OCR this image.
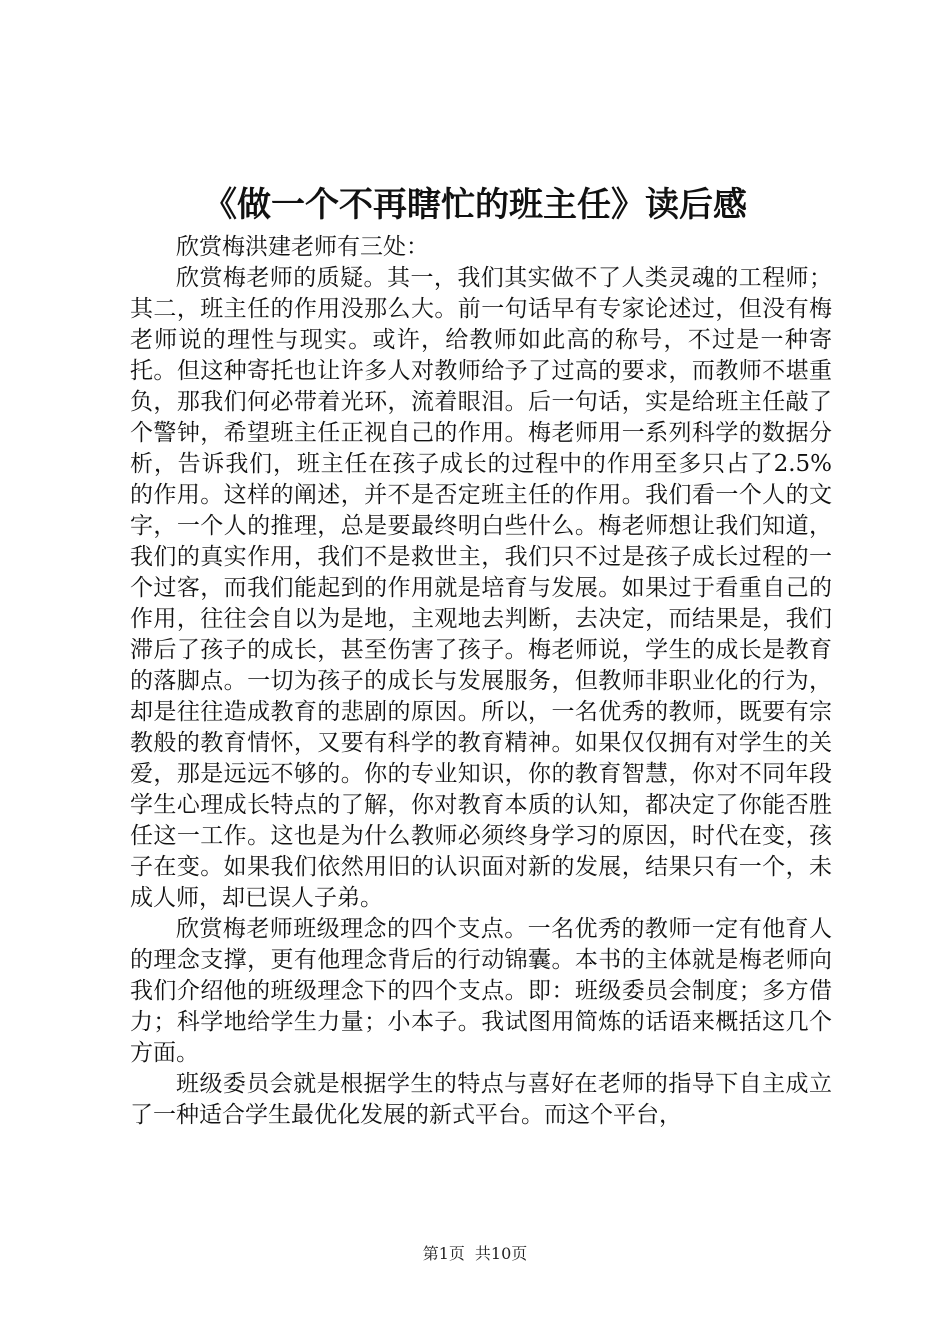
《做一个不再瞎忙的班主任》读后感

欣赏梅洪建老师有三处：

欣赏梅老师的质疑。其一，我们其实做不了人类灵魂的工程师；其二，班主任的作用没那么大。前一句话早有专家论述过，但没有梅老师说的理性与现实。或许，给教师如此高的称号，不过是一种寄托。但这种寄托也让许多人对教师给予了过高的要求，而教师不堪重负，那我们何必带着光环，流着眼泪。后一句话，实是给班主任敲了个警钟，希望班主任正视自己的作用。梅老师用一系列科学的数据分析，告诉我们，班主任在孩子成长的过程中的作用至多只占了2.5%的作用。这样的阐述，并不是否定班主任的作用。我们看一个人的文字，一个人的推理，总是要最终明白些什么。梅老师想让我们知道，我们的真实作用，我们不是救世主，我们只不过是孩子成长过程的一个过客，而我们能起到的作用就是培育与发展。如果过于看重自己的作用，往往会自以为是地，主观地去判断，去决定，而结果是，我们滞后了孩子的成长，甚至伤害了孩子。梅老师说，学生的成长是教育的落脚点。一切为孩子的成长与发展服务，但教师非职业化的行为，却是往往造成教育的悲剧的原因。所以，一名优秀的教师，既要有宗教般的教育情怀，又要有科学的教育精神。如果仅仅拥有对学生的关爱，那是远远不够的。你的专业知识，你的教育智慧，你对不同年段学生心理成长特点的了解，你对教育本质的认知，都决定了你能否胜任这一工作。这也是为什么教师必须终身学习的原因，时代在变，孩子在变。如果我们依然用旧的认识面对新的发展，结果只有一个，未成人师，却已误人子弟。

欣赏梅老师班级理念的四个支点。一名优秀的教师一定有他育人的理念支撑，更有他理念背后的行动锦囊。本书的主体就是梅老师向我们介绍他的班级理念下的四个支点。即：班级委员会制度；多方借力；科学地给学生力量；小本子。我试图用简炼的话语来概括这几个方面。

班级委员会就是根据学生的特点与喜好在老师的指导下自主成立了一种适合学生最优化发展的新式平台。而这个平台，

第1页 共10页
